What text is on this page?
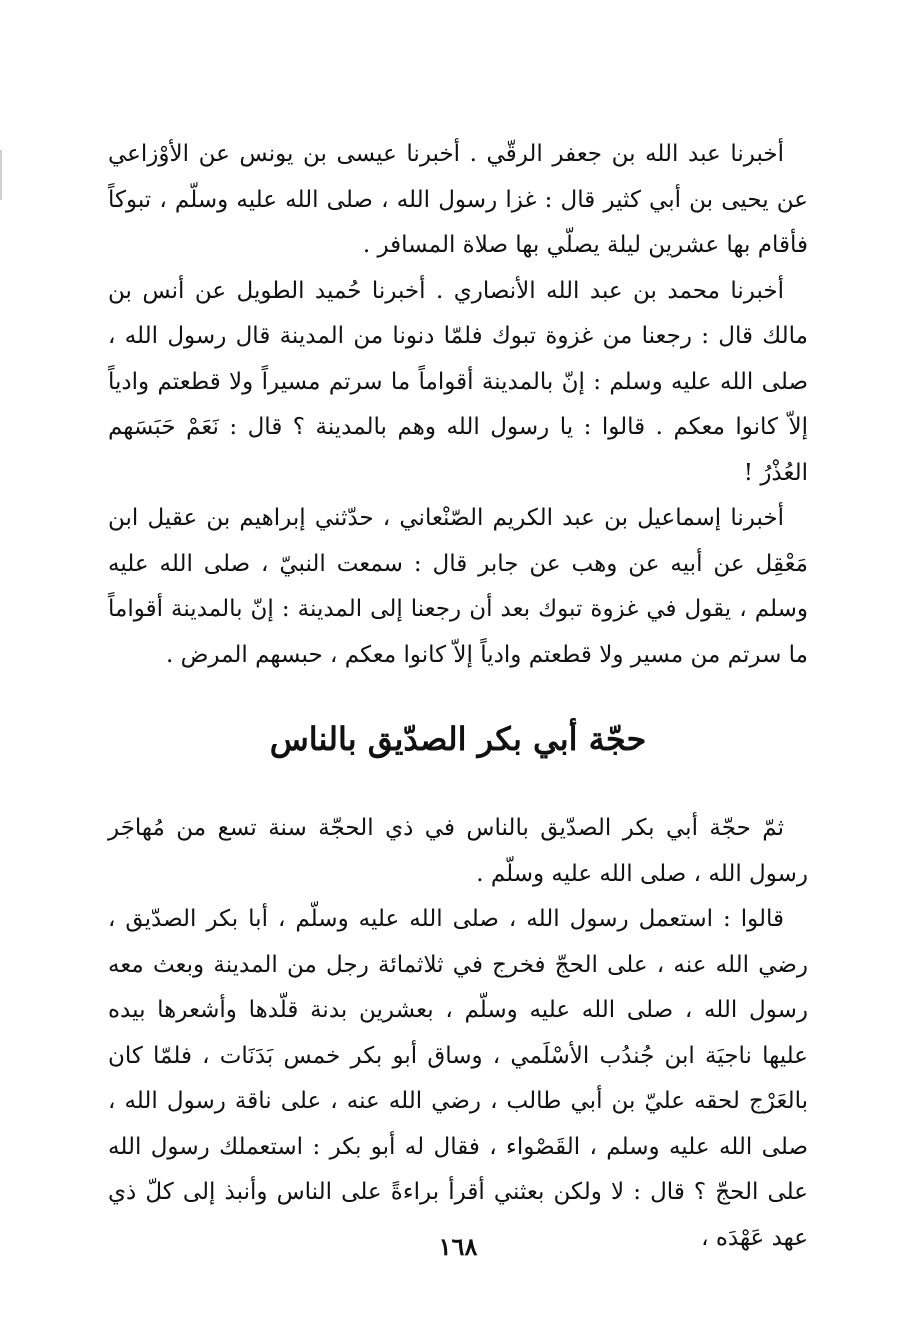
أخبرنا عبد الله بن جعفر الرقّي . أخبرنا عيسى بن يونس عن الأوْزاعي عن يحيى بن أبي كثير قال : غزا رسول الله ، صلى الله عليه وسلّم ، تبوكاً فأقام بها عشرين ليلة يصلّي بها صلاة المسافر .

أخبرنا محمد بن عبد الله الأنصاري . أخبرنا حُميد الطويل عن أنس بن مالك قال : رجعنا من غزوة تبوك فلمّا دنونا من المدينة قال رسول الله ، صلى الله عليه وسلم : إنّ بالمدينة أقواماً ما سرتم مسيراً ولا قطعتم وادياً إلاّ كانوا معكم . قالوا : يا رسول الله وهم بالمدينة ؟ قال : نَعَمْ حَبَسَهم العُذْرُ !

أخبرنا إسماعيل بن عبد الكريم الصّنْعاني ، حدّثني إبراهيم بن عقيل ابن مَعْقِل عن أبيه عن وهب عن جابر قال : سمعت النبيّ ، صلى الله عليه وسلم ، يقول في غزوة تبوك بعد أن رجعنا إلى المدينة : إنّ بالمدينة أقواماً ما سرتم من مسير ولا قطعتم وادياً إلاّ كانوا معكم ، حبسهم المرض .

حجّة أبي بكر الصدّيق بالناس

ثمّ حجّة أبي بكر الصدّيق بالناس في ذي الحجّة سنة تسع من مُهاجَر رسول الله ، صلى الله عليه وسلّم .

قالوا : استعمل رسول الله ، صلى الله عليه وسلّم ، أبا بكر الصدّيق ، رضي الله عنه ، على الحجّ فخرج في ثلاثمائة رجل من المدينة وبعث معه رسول الله ، صلى الله عليه وسلّم ، بعشرين بدنة قلّدها وأشعرها بيده عليها ناجيَة ابن جُندُب الأسْلَمي ، وساق أبو بكر خمس بَدَنَات ، فلمّا كان بالعَرْج لحقه عليّ بن أبي طالب ، رضي الله عنه ، على ناقة رسول الله ، صلى الله عليه وسلم ، القَصْواء ، فقال له أبو بكر : استعملك رسول الله على الحجّ ؟ قال : لا ولكن بعثني أقرأ براءةً على الناس وأنبذ إلى كلّ ذي عهد عَهْدَه ،

١٦٨
